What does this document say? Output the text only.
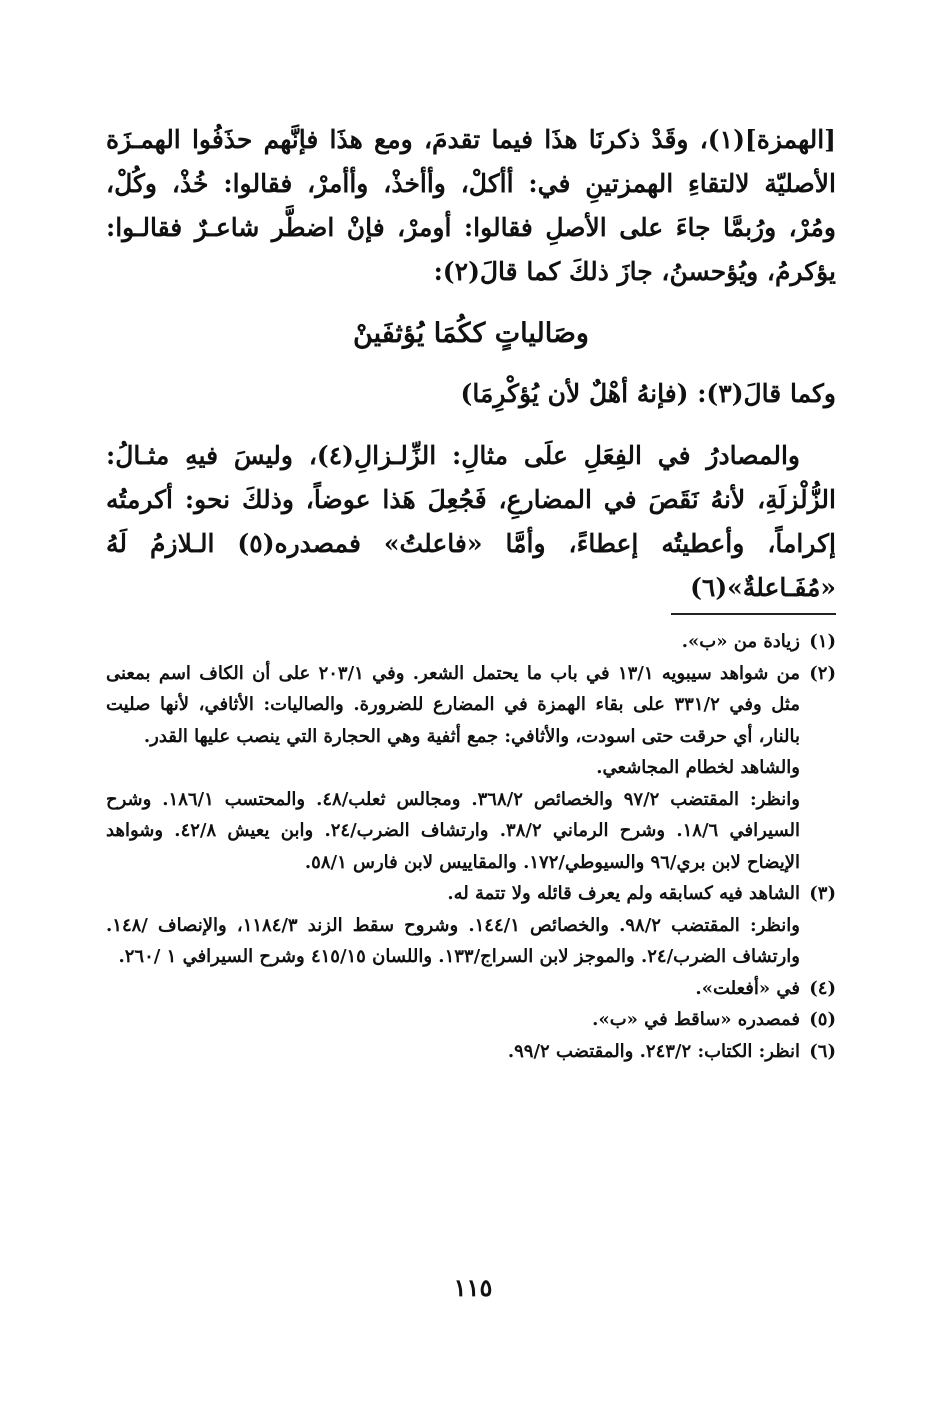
[الهمزة](١)، وقَدْ ذكرنَا هذَا فيما تقدمَ، ومع هذَا فإنَّهم حذَفُوا الهمـزَة الأصليّة لالتقاءِ الهمزتينِ في: أأكلْ، وأأخذْ، وأأمرْ، فقالوا: خُذْ، وكُلْ، ومُرْ، ورُبمَّا جاءَ على الأصلِ فقالوا: أومرْ، فإنْ اضطَّر شاعـرٌ فقالـوا: يؤكرمُ، ويُؤحسنُ، جازَ ذلكَ كما قالَ(٢):

وصَالياتٍ ككُمَا يُؤثفَينْ

وكما قالَ(٣): (فإنهُ أهْلٌ لأن يُؤكْرِمَا)

والمصادرُ في الفِعَلِ علَى مثالِ: الزِّلـزالِ(٤)، وليسَ فيهِ مثـالُ: الزُّلْزلَةِ، لأنهُ نَقَصَ في المضارعِ، فَجُعِلَ هَذا عوضاً، وذلكَ نحو: أكرمتُه إكراماً، وأعطيتُه إعطاءً، وأمَّا «فاعلتُ» فمصدره(٥) الـلازمُ لَهُ «مُفَـاعلةٌ»(٦)

(١)

زيادة من «ب».

(٢)

من شواهد سيبويه ١٣/١ في باب ما يحتمل الشعر. وفي ٢٠٣/١ على أن الكاف اسم بمعنى مثل وفي ٣٣١/٢ على بقاء الهمزة في المضارع للضرورة. والصاليات: الأثافي، لأنها صليت بالنار، أي حرقت حتى اسودت، والأثافي: جمع أثفية وهي الحجارة التي ينصب عليها القدر.

والشاهد لخطام المجاشعي.

وانظر: المقتضب ٩٧/٢ والخصائص ٣٦٨/٢. ومجالس ثعلب/٤٨. والمحتسب ١٨٦/١. وشرح السيرافي ١٨/٦. وشرح الرماني ٣٨/٢. وارتشاف الضرب/٢٤. وابن يعيش ٤٢/٨. وشواهد الإيضاح لابن بري/٩٦ والسيوطي/١٧٢. والمقاييس لابن فارس ٥٨/١.

(٣)

الشاهد فيه كسابقه ولم يعرف قائله ولا تتمة له.

وانظر: المقتضب ٩٨/٢. والخصائص ١٤٤/١. وشروح سقط الزند ١١٨٤/٣، والإنصاف /١٤٨. وارتشاف الضرب/٢٤. والموجز لابن السراج/١٣٣. واللسان ٤١٥/١٥ وشرح السيرافي ١ /٢٦٠.

(٤)

في «أفعلت».

(٥)

فمصدره «ساقط في «ب».

(٦)

انظر: الكتاب: ٢٤٣/٢. والمقتضب ٩٩/٢.

١١٥
